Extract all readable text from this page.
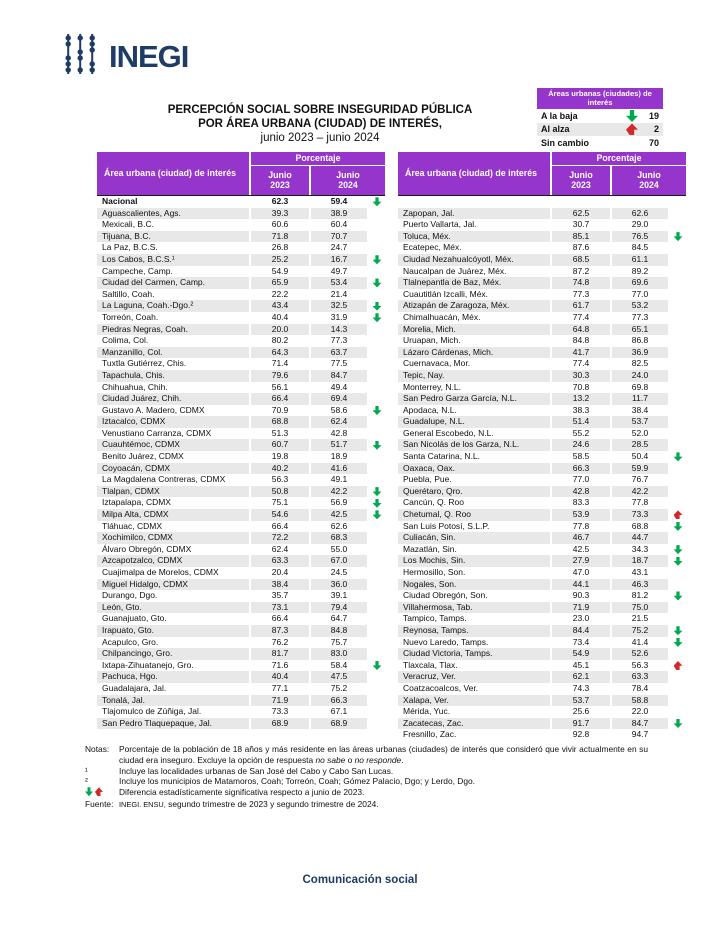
INEGI
PERCEPCIÓN SOCIAL SOBRE INSEGURIDAD PÚBLICA
POR ÁREA URBANA (CIUDAD) DE INTERÉS,
junio 2023 – junio 2024
Áreas urbanas (ciudades) de interés
A la baja	19
Al alza	2
Sin cambio	70
Área urbana (ciudad) de interés
Porcentaje
Junio
2023
Junio
2024
Nacional	62.3	59.4
Aguascalientes, Ags.	39.3	38.9
Mexicali, B.C.	60.6	60.4
Tijuana, B.C.	71.8	70.7
La Paz, B.C.S.	26.8	24.7
Los Cabos, B.C.S.¹	25.2	16.7
Campeche, Camp.	54.9	49.7
Ciudad del Carmen, Camp.	65.9	53.4
Saltillo, Coah.	22.2	21.4
La Laguna, Coah.-Dgo.²	43.4	32.5
Torreón, Coah.	40.4	31.9
Piedras Negras, Coah.	20.0	14.3
Colima, Col.	80.2	77.3
Manzanillo, Col.	64.3	63.7
Tuxtla Gutiérrez, Chis.	71.4	77.5
Tapachula, Chis.	79.6	84.7
Chihuahua, Chih.	56.1	49.4
Ciudad Juárez, Chih.	66.4	69.4
Gustavo A. Madero, CDMX	70.9	58.6
Iztacalco, CDMX	68.8	62.4
Venustiano Carranza, CDMX	51.3	42.8
Cuauhtémoc, CDMX	60.7	51.7
Benito Juárez, CDMX	19.8	18.9
Coyoacán, CDMX	40.2	41.6
La Magdalena Contreras, CDMX	56.3	49.1
Tlalpan, CDMX	50.8	42.2
Iztapalapa, CDMX	75.1	56.9
Milpa Alta, CDMX	54.6	42.5
Tláhuac, CDMX	66.4	62.6
Xochimilco, CDMX	72.2	68.3
Álvaro Obregón, CDMX	62.4	55.0
Azcapotzalco, CDMX	63.3	67.0
Cuajimalpa de Morelos, CDMX	20.4	24.5
Miguel Hidalgo, CDMX	38.4	36.0
Durango, Dgo.	35.7	39.1
León, Gto.	73.1	79.4
Guanajuato, Gto.	66.4	64.7
Irapuato, Gto.	87.3	84.8
Acapulco, Gro.	76.2	75.7
Chilpancingo, Gro.	81.7	83.0
Ixtapa-Zihuatanejo, Gro.	71.6	58.4
Pachuca, Hgo.	40.4	47.5
Guadalajara, Jal.	77.1	75.2
Tonalá, Jal.	71.9	66.3
Tlajomulco de Zúñiga, Jal.	73.3	67.1
San Pedro Tlaquepaque, Jal.	68.9	68.9
Área urbana (ciudad) de interés
Porcentaje
Junio
2023
Junio
2024
Zapopan, Jal.	62.5	62.6
Puerto Vallarta, Jal.	30.7	29.0
Toluca, Méx.	85.1	76.5
Ecatepec, Méx.	87.6	84.5
Ciudad Nezahualcóyotl, Méx.	68.5	61.1
Naucalpan de Juárez, Méx.	87.2	89.2
Tlalnepantla de Baz, Méx.	74.8	69.6
Cuautitlán Izcalli, Méx.	77.3	77.0
Atizapán de Zaragoza, Méx.	61.7	53.2
Chimalhuacán, Méx.	77.4	77.3
Morelia, Mich.	64.8	65.1
Uruapan, Mich.	84.8	86.8
Lázaro Cárdenas, Mich.	41.7	36.9
Cuernavaca, Mor.	77.4	82.5
Tepic, Nay.	30.3	24.0
Monterrey, N.L.	70.8	69.8
San Pedro Garza García, N.L.	13.2	11.7
Apodaca, N.L.	38.3	38.4
Guadalupe, N.L.	51.4	53.7
General Escobedo, N.L.	55.2	52.0
San Nicolás de los Garza, N.L.	24.6	28.5
Santa Catarina, N.L.	58.5	50.4
Oaxaca, Oax.	66.3	59.9
Puebla, Pue.	77.0	76.7
Querétaro, Qro.	42.8	42.2
Cancún, Q. Roo	83.3	77.8
Chetumal, Q. Roo	53.9	73.3
San Luis Potosí, S.L.P.	77.8	68.8
Culiacán, Sin.	46.7	44.7
Mazatlán, Sin.	42.5	34.3
Los Mochis, Sin.	27.9	18.7
Hermosillo, Son.	47.0	43.1
Nogales, Son.	44.1	46.3
Ciudad Obregón, Son.	90.3	81.2
Villahermosa, Tab.	71.9	75.0
Tampico, Tamps.	23.0	21.5
Reynosa, Tamps.	84.4	75.2
Nuevo Laredo, Tamps.	73.4	41.4
Ciudad Victoria, Tamps.	54.9	52.6
Tlaxcala, Tlax.	45.1	56.3
Veracruz, Ver.	62.1	63.3
Coatzacoalcos, Ver.	74.3	78.4
Xalapa, Ver.	53.7	58.8
Mérida, Yuc.	25.6	22.0
Zacatecas, Zac.	91.7	84.7
Fresnillo, Zac.	92.8	94.7
Notas:	Porcentaje de la población de 18 años y más residente en las áreas urbanas (ciudades) de interés que consideró que vivir actualmente en su ciudad era inseguro. Excluye la opción de respuesta no sabe o no responde.
¹	Incluye las localidades urbanas de San José del Cabo y Cabo San Lucas.
²	Incluye los municipios de Matamoros, Coah; Torreón, Coah; Gómez Palacio, Dgo; y Lerdo, Dgo.
Diferencia estadísticamente significativa respecto a junio de 2023.
Fuente: INEGI. ENSU, segundo trimestre de 2023 y segundo trimestre de 2024.
Comunicación social
